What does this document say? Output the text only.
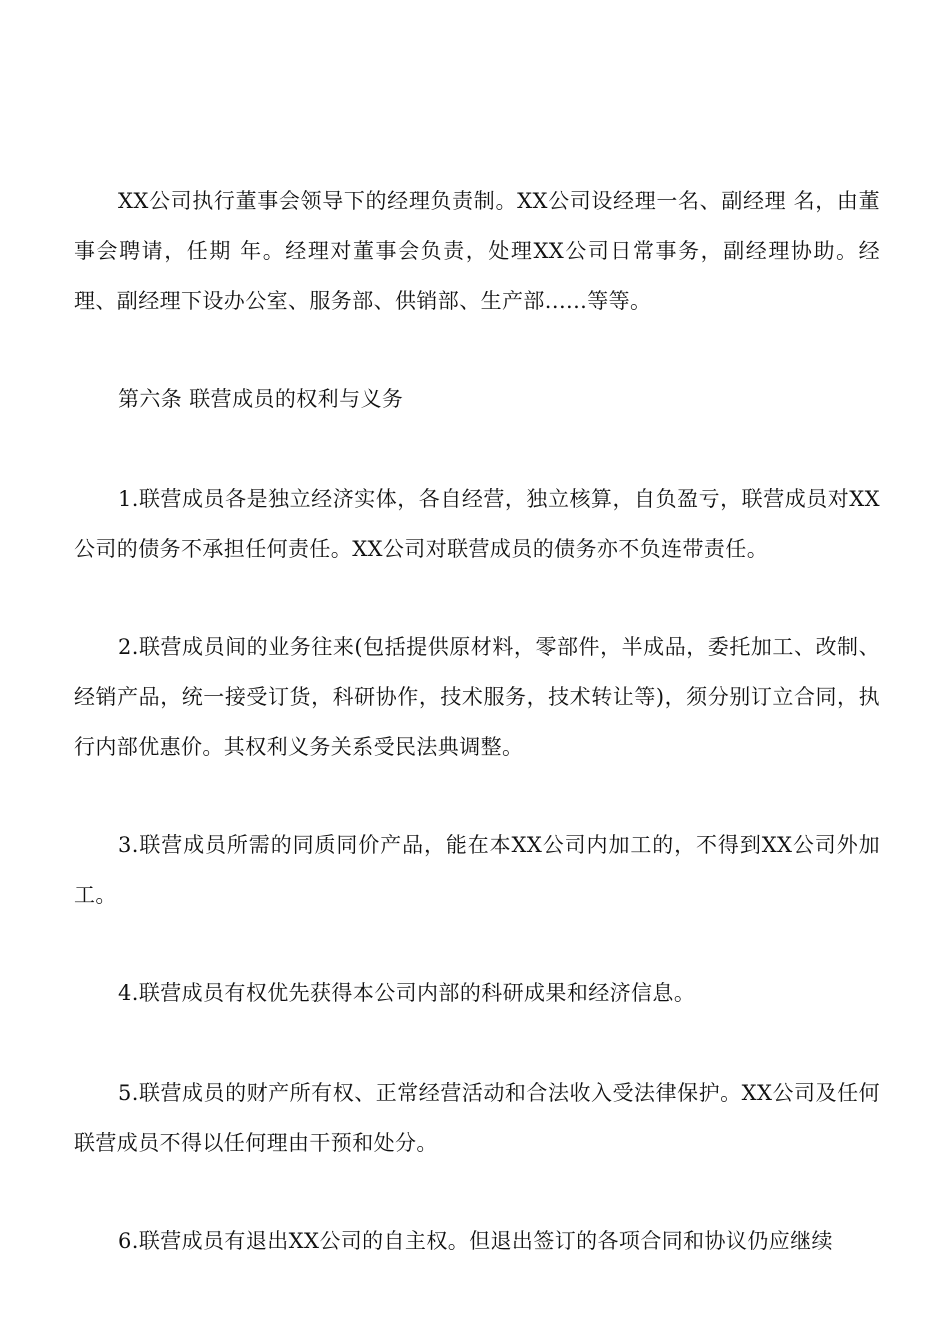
XX公司执行董事会领导下的经理负责制。XX公司设经理一名、副经理 名，由董事会聘请，任期 年。经理对董事会负责，处理XX公司日常事务，副经理协助。经理、副经理下设办公室、服务部、供销部、生产部......等等。

第六条 联营成员的权利与义务

1.联营成员各是独立经济实体，各自经营，独立核算，自负盈亏，联营成员对XX公司的债务不承担任何责任。XX公司对联营成员的债务亦不负连带责任。

2.联营成员间的业务往来(包括提供原材料，零部件，半成品，委托加工、改制、经销产品，统一接受订货，科研协作，技术服务，技术转让等)，须分别订立合同，执行内部优惠价。其权利义务关系受民法典调整。

3.联营成员所需的同质同价产品，能在本XX公司内加工的，不得到XX公司外加工。

4.联营成员有权优先获得本公司内部的科研成果和经济信息。

5.联营成员的财产所有权、正常经营活动和合法收入受法律保护。XX公司及任何联营成员不得以任何理由干预和处分。

6.联营成员有退出XX公司的自主权。但退出签订的各项合同和协议仍应继续
